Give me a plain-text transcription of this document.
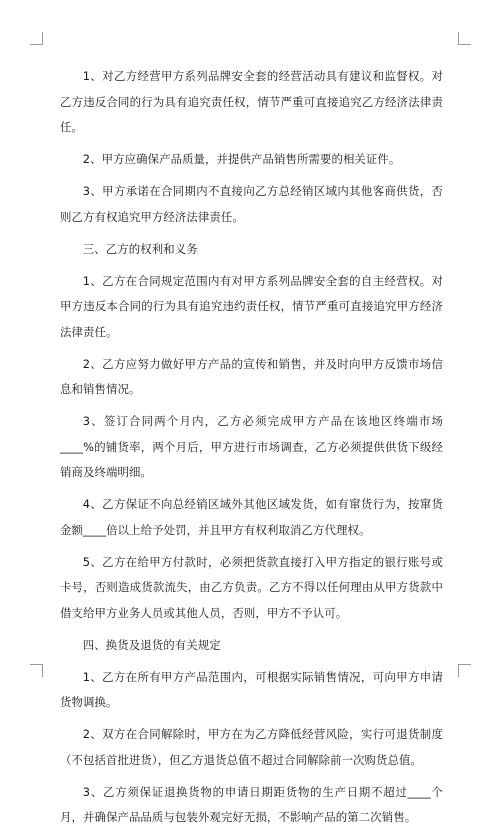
1、对乙方经营甲方系列品牌安全套的经营活动具有建议和监督权。对乙方违反合同的行为具有追究责任权，情节严重可直接追究乙方经济法律责任。

2、甲方应确保产品质量，并提供产品销售所需要的相关证件。

3、甲方承诺在合同期内不直接向乙方总经销区域内其他客商供货，否则乙方有权追究甲方经济法律责任。

三、乙方的权利和义务

1、乙方在合同规定范围内有对甲方系列品牌安全套的自主经营权。对甲方违反本合同的行为具有追究违约责任权，情节严重可直接追究甲方经济法律责任。

2、乙方应努力做好甲方产品的宣传和销售，并及时向甲方反馈市场信息和销售情况。

3、签订合同两个月内，乙方必须完成甲方产品在该地区终端市场____%的铺货率，两个月后，甲方进行市场调查，乙方必须提供供货下级经销商及终端明细。

4、乙方保证不向总经销区域外其他区域发货，如有窜货行为，按窜货金额____倍以上给予处罚，并且甲方有权利取消乙方代理权。

5、乙方在给甲方付款时，必须把货款直接打入甲方指定的银行账号或卡号，否则造成货款流失，由乙方负责。乙方不得以任何理由从甲方货款中借支给甲方业务人员或其他人员，否则，甲方不予认可。

四、换货及退货的有关规定

1、乙方在所有甲方产品范围内，可根据实际销售情况，可向甲方申请货物调换。

2、双方在合同解除时，甲方在为乙方降低经营风险，实行可退货制度（不包括首批进货），但乙方退货总值不超过合同解除前一次购货总值。

3、乙方须保证退换货物的申请日期距货物的生产日期不超过____个月，并确保产品品质与包装外观完好无损，不影响产品的第二次销售。
